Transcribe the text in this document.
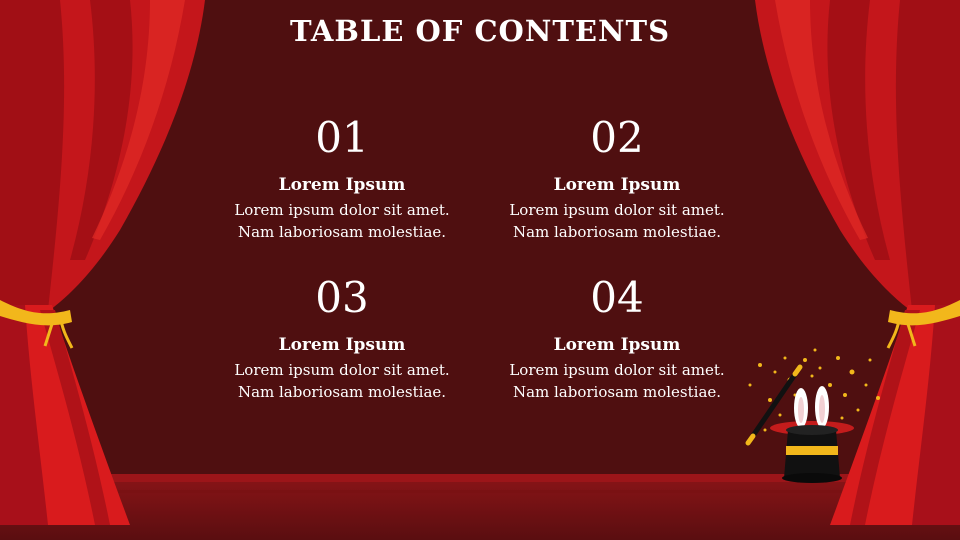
TABLE OF CONTENTS
01
Lorem Ipsum
Lorem ipsum dolor sit amet.
Nam laboriosam molestiae.
02
Lorem Ipsum
Lorem ipsum dolor sit amet.
Nam laboriosam molestiae.
03
Lorem Ipsum
Lorem ipsum dolor sit amet.
Nam laboriosam molestiae.
04
Lorem Ipsum
Lorem ipsum dolor sit amet.
Nam laboriosam molestiae.
